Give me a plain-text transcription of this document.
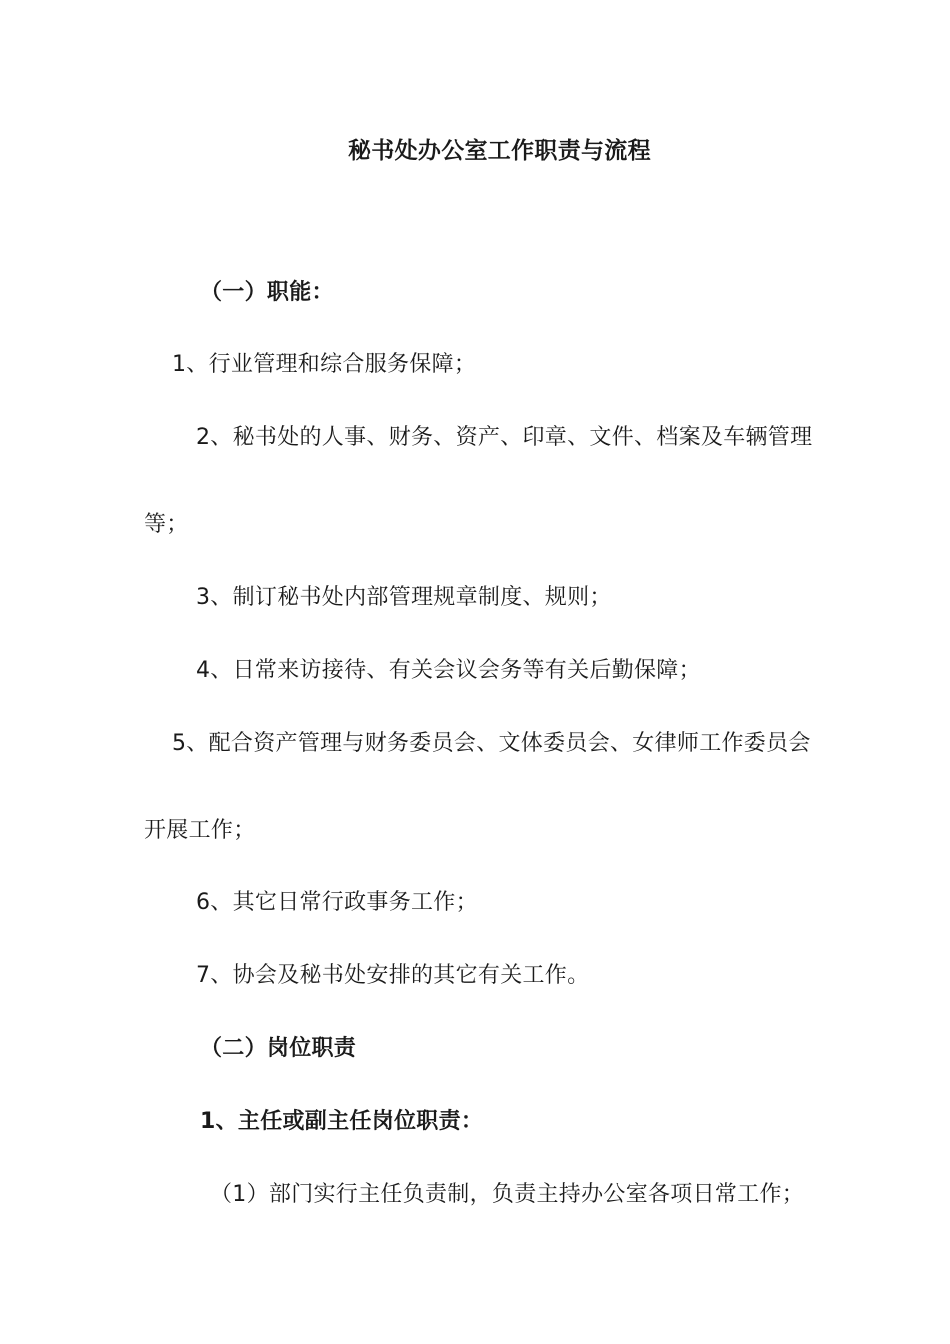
秘书处办公室工作职责与流程
（一）职能：
1、行业管理和综合服务保障；
2、秘书处的人事、财务、资产、印章、文件、档案及车辆管理
等；
3、制订秘书处内部管理规章制度、规则；
4、日常来访接待、有关会议会务等有关后勤保障；
5、配合资产管理与财务委员会、文体委员会、女律师工作委员会
开展工作；
6、其它日常行政事务工作；
7、协会及秘书处安排的其它有关工作。
（二）岗位职责
1、主任或副主任岗位职责：
（1）部门实行主任负责制，负责主持办公室各项日常工作；
